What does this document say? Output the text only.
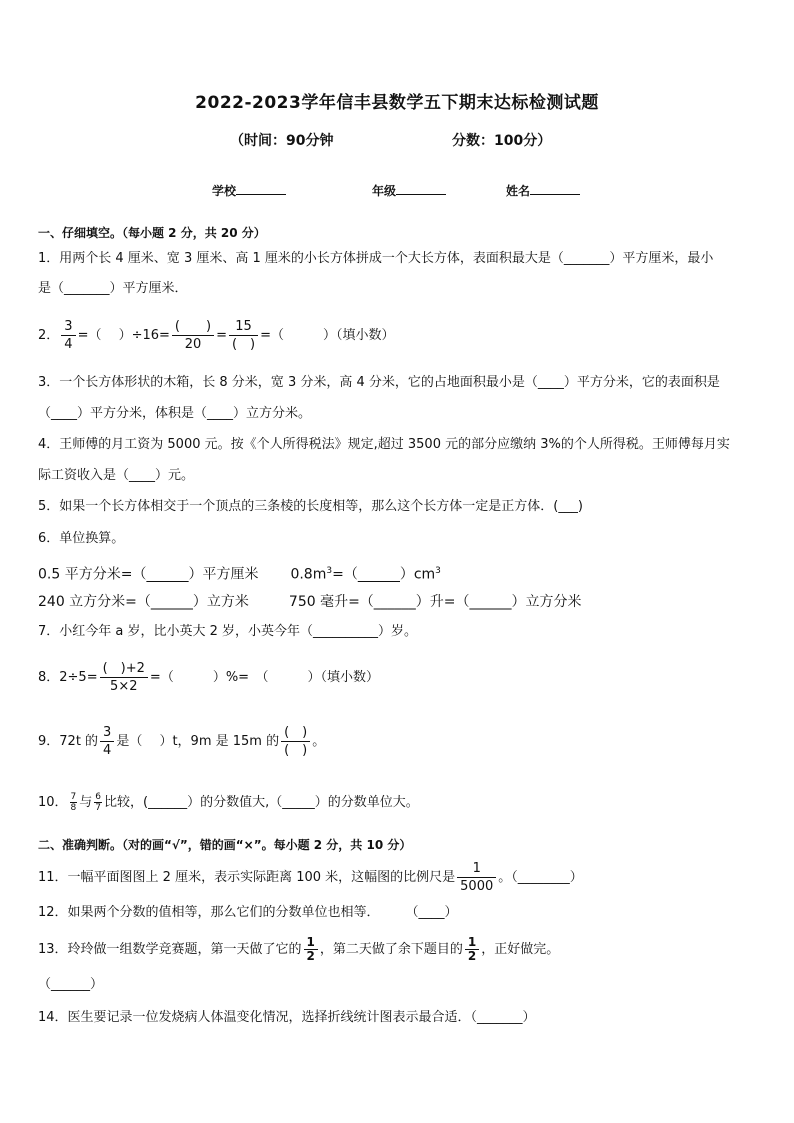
2022-2023学年信丰县数学五下期末达标检测试题
（时间：90分钟	分数：100分）
学校	年级	姓名
一、仔细填空。（每小题 2 分，共 20 分）
1．用两个长 4 厘米、宽 3 厘米、高 1 厘米的小长方体拼成一个大长方体，表面积最大是（_______）平方厘米，最小
是（_______）平方厘米．
2． $\frac{3}{4}$ =（　 ）$\div 16= \frac{( )}{20} = \frac{15}{( )}$ =（　　　）（填小数）
3．一个长方体形状的木箱，长 8 分米，宽 3 分米，高 4 分米，它的占地面积最小是（____）平方分米，它的表面积是
（____）平方分米，体积是（____）立方分米。
4．王师傅的月工资为 5000 元。按《个人所得税法》规定,超过 3500 元的部分应缴纳 3%的个人所得税。王师傅每月实
际工资收入是（____）元。
5．如果一个长方体相交于一个顶点的三条棱的长度相等，那么这个长方体一定是正方体．(___)
6．单位换算。
0.5 平方分米=（______）平方厘米 $0.8m^3=(\_\_\_\_\_\_)cm^3$
240 立方分米=（______）立方米	750 毫升=（______）升=（______）立方分米
7．小红今年 a 岁，比小英大 2 岁，小英今年（__________）岁。
8．$2\div 5= \frac{( )+2}{5\times 2}$ =（　　　）%=　（　　　）（填小数）
9．72t 的 $\frac{3}{4}$ 是（　 ）t，9m 是 15m 的 $\frac{( )}{( )}$ 。
10． $\frac{7}{8}$ 与 $\frac{6}{7}$ 比较，(______）的分数值大,（_____）的分数单位大。
二、准确判断。（对的画“√”，错的画“×”。每小题 2 分，共 10 分）
11．一幅平面图图上 2 厘米，表示实际距离 100 米，这幅图的比例尺是 $\frac{1}{5000}$ 。（________）
12．如果两个分数的值相等，那么它们的分数单位也相等．　　　（____）
13．玲玲做一组数学竞赛题，第一天做了它的 $\frac{1}{2}$ ，第二天做了余下题目的 $\frac{1}{2}$ ，正好做完。
（______）
14．医生要记录一位发烧病人体温变化情况，选择折线统计图表示最合适．（_______）
